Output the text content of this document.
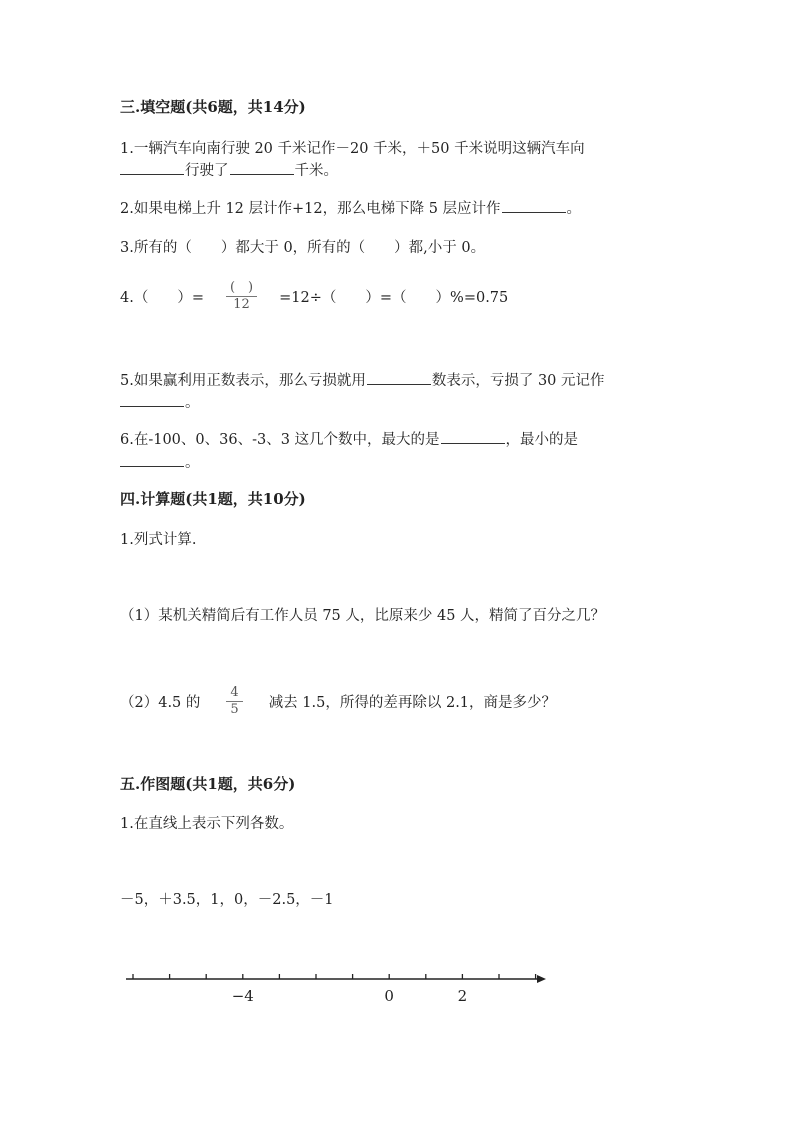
三.填空题(共6题，共14分)
1.一辆汽车向南行驶 20 千米记作－20 千米，＋50 千米说明这辆汽车向
行驶了	千米。
2.如果电梯上升 12 层计作+12，那么电梯下降 5 层应计作	。
3.所有的（　　）都大于 0，所有的（　　）都,小于 0。
4.（　　）= $\frac{( )}{12} =12\div$（　　）=（　　）%=0.75
5.如果赢利用正数表示，那么亏损就用	数表示，亏损了 30 元记作
。
6.在-100、0、36、-3、3 这几个数中，最大的是	，最小的是
。
四.计算题(共1题，共10分)
1.列式计算.
（1）某机关精简后有工作人员 75 人，比原来少 45 人，精简了百分之几？
（2）4.5 的 $\frac{4}{5}$ 减去 1.5，所得的差再除以 2.1，商是多少？
五.作图题(共1题，共6分)
1.在直线上表示下列各数。
－5，＋3.5，1，0，－2.5，－1
−4	0	2
